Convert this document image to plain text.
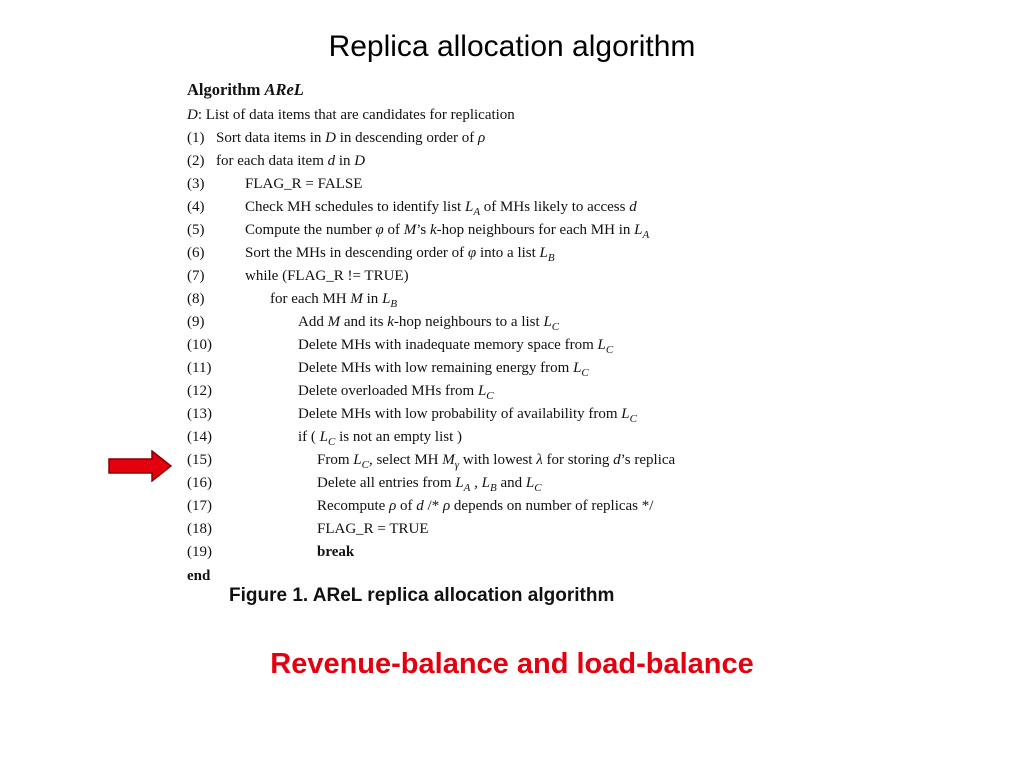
Replica allocation algorithm
Algorithm AReL
D: List of data items that are candidates for replication
(1) Sort data items in D in descending order of ρ
(2) for each data item d in D
(3)	FLAG_R = FALSE
(4)	Check MH schedules to identify list $L_A$ of MHs likely to access d
(5)	Compute the number φ of M’s k-hop neighbours for each MH in $L_A$
(6)	Sort the MHs in descending order of φ into a list $L_B$
(7)	while (FLAG_R != TRUE)
(8)	for each MH M in $L_B$
(9)	Add M and its k-hop neighbours to a list $L_C$
(10)	Delete MHs with inadequate memory space from $L_C$
(11)	Delete MHs with low remaining energy from $L_C$
(12)	Delete overloaded MHs from $L_C$
(13)	Delete MHs with low probability of availability from $L_C$
(14)	if ( $L_C$ is not an empty list )
(15)	From $L_C$, select MH $M_\gamma$ with lowest λ for storing d’s replica
(16)	Delete all entries from $L_A$ , $L_B$ and $L_C$
(17)	Recompute ρ of d /* ρ depends on number of replicas */
(18)	FLAG_R = TRUE
(19)	break
end
Figure 1. AReL replica allocation algorithm
Revenue-balance and load-balance
